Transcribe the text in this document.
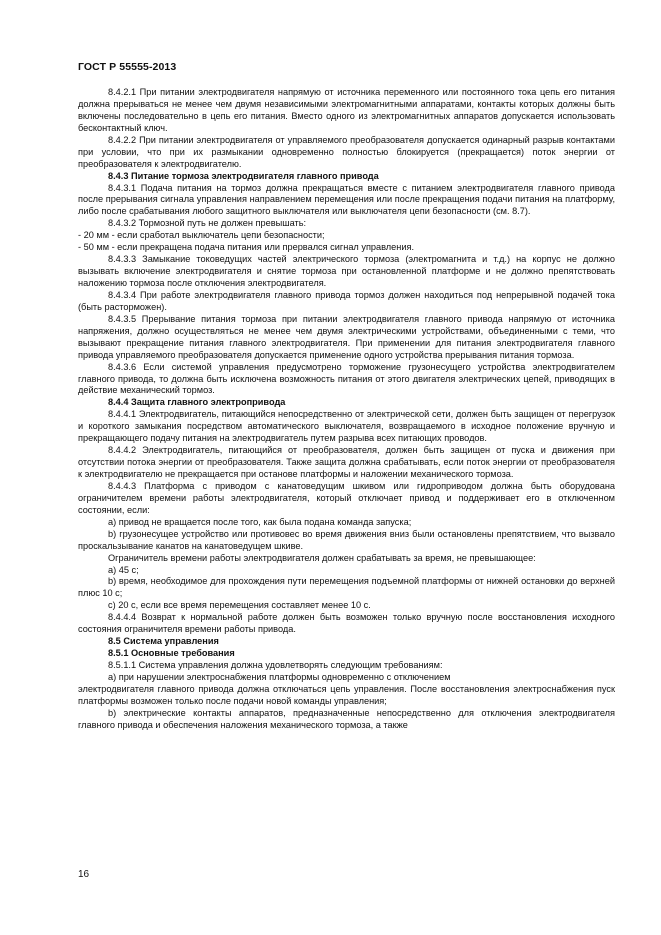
ГОСТ Р 55555-2013

8.4.2.1 При питании электродвигателя напрямую от источника переменного или постоянного тока цепь его питания должна прерываться не менее чем двумя независимыми электромагнитными аппаратами, контакты которых должны быть включены последовательно в цепь его питания. Вместо одного из электромагнитных аппаратов допускается использовать бесконтактный ключ.

8.4.2.2 При питании электродвигателя от управляемого преобразователя допускается одинарный разрыв контактами при условии, что при их размыкании одновременно полностью блокируется (прекращается) поток энергии от преобразователя к электродвигателю.

8.4.3 Питание тормоза электродвигателя главного привода

8.4.3.1 Подача питания на тормоз должна прекращаться вместе с питанием электродвигателя главного привода после прерывания сигнала управления направлением перемещения или после прекращения подачи питания на платформу, либо после срабатывания любого защитного выключателя или выключателя цепи безопасности (см. 8.7).

8.4.3.2 Тормозной путь не должен превышать:

- 20 мм - если сработал выключатель цепи безопасности;

- 50 мм - если прекращена подача питания или прервался сигнал управления.

8.4.3.3 Замыкание токоведущих частей электрического тормоза (электромагнита и т.д.) на корпус не должно вызывать включение электродвигателя и снятие тормоза при остановленной платформе и не должно препятствовать наложению тормоза после отключения электродвигателя.

8.4.3.4 При работе электродвигателя главного привода тормоз должен находиться под непрерывной подачей тока (быть расторможен).

8.4.3.5 Прерывание питания тормоза при питании электродвигателя главного привода напрямую от источника напряжения, должно осуществляться не менее чем двумя электрическими устройствами, объединенными с теми, что вызывают прекращение питания главного электродвигателя. При применении для питания электродвигателя главного привода управляемого преобразователя допускается применение одного устройства прерывания питания тормоза.

8.4.3.6 Если системой управления предусмотрено торможение грузонесущего устройства электродвигателем главного привода, то должна быть исключена возможность питания от этого двигателя электрических цепей, приводящих в действие механический тормоз.

8.4.4 Защита главного электропривода

8.4.4.1 Электродвигатель, питающийся непосредственно от электрической сети, должен быть защищен от перегрузок и короткого замыкания посредством автоматического выключателя, возвращаемого в исходное положение вручную и прекращающего подачу питания на электродвигатель путем разрыва всех питающих проводов.

8.4.4.2 Электродвигатель, питающийся от преобразователя, должен быть защищен от пуска и движения при отсутствии потока энергии от преобразователя. Также защита должна срабатывать, если поток энергии от преобразователя к электродвигателю не прекращается при останове платформы и наложении механического тормоза.

8.4.4.3 Платформа с приводом с канатоведущим шкивом или гидроприводом должна быть оборудована ограничителем времени работы электродвигателя, который отключает привод и поддерживает его в отключенном состоянии, если:

а) привод не вращается после того, как была подана команда запуска;

b) грузонесущее устройство или противовес во время движения вниз были остановлены препятствием, что вызвало проскальзывание канатов на канатоведущем шкиве.

Ограничитель времени работы электродвигателя должен срабатывать за время, не превышающее:

а) 45 с;

b) время, необходимое для прохождения пути перемещения подъемной платформы от нижней остановки до верхней плюс 10 с;

с) 20 с, если все время перемещения составляет менее 10 с.

8.4.4.4 Возврат к нормальной работе должен быть возможен только вручную после восстановления исходного состояния ограничителя времени работы привода.

8.5 Система управления

8.5.1 Основные требования

8.5.1.1 Система управления должна удовлетворять следующим требованиям:

а) при нарушении электроснабжения платформы одновременно с отключением

электродвигателя главного привода должна отключаться цепь управления. После восстановления электроснабжения пуск платформы возможен только после подачи новой команды управления;

b) электрические контакты аппаратов, предназначенные непосредственно для отключения электродвигателя главного привода и обеспечения наложения механического тормоза, а также

16
